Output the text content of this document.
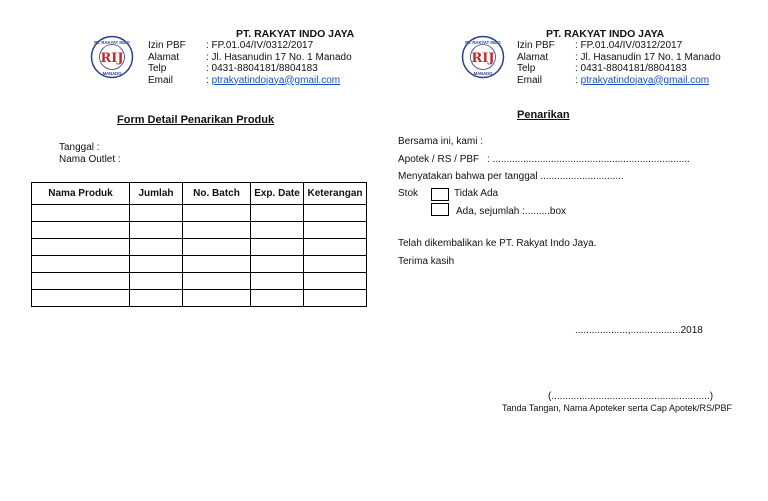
RIJ
PT. RAKYAT INDO
MANADO
PT. RAKYAT INDO JAYA
Izin PBF : FP.01.04/IV/0312/2017
Alamat	: Jl. Hasanudin 17 No. 1 Manado
Telp	: 0431-8804181/8804183
Email	: ptrakyatindojaya@gmail.com
RIJ
PT. RAKYAT INDO
MANADO
PT. RAKYAT INDO JAYA
Izin PBF : FP.01.04/IV/0312/2017
Alamat	: Jl. Hasanudin 17 No. 1 Manado
Telp	: 0431-8804181/8804183
Email	: ptrakyatindojaya@gmail.com
Form Detail Penarikan Produk
Tanggal :
Nama Outlet :
Nama Produk	Jumlah	No. Batch	Exp. Date	Keterangan

Penarikan
Bersama ini, kami :
Apotek / RS / PBF : .......................................................................
Menyatakan bahwa per tanggal ..............................
Stok	Tidak Ada
Ada, sejumlah :.........box
Telah dikembalikan ke PT. Rakyat Indo Jaya.
Terima kasih
...................,..................2018
(.........................................................)
Tanda Tangan, Nama Apoteker serta Cap Apotek/RS/PBF
